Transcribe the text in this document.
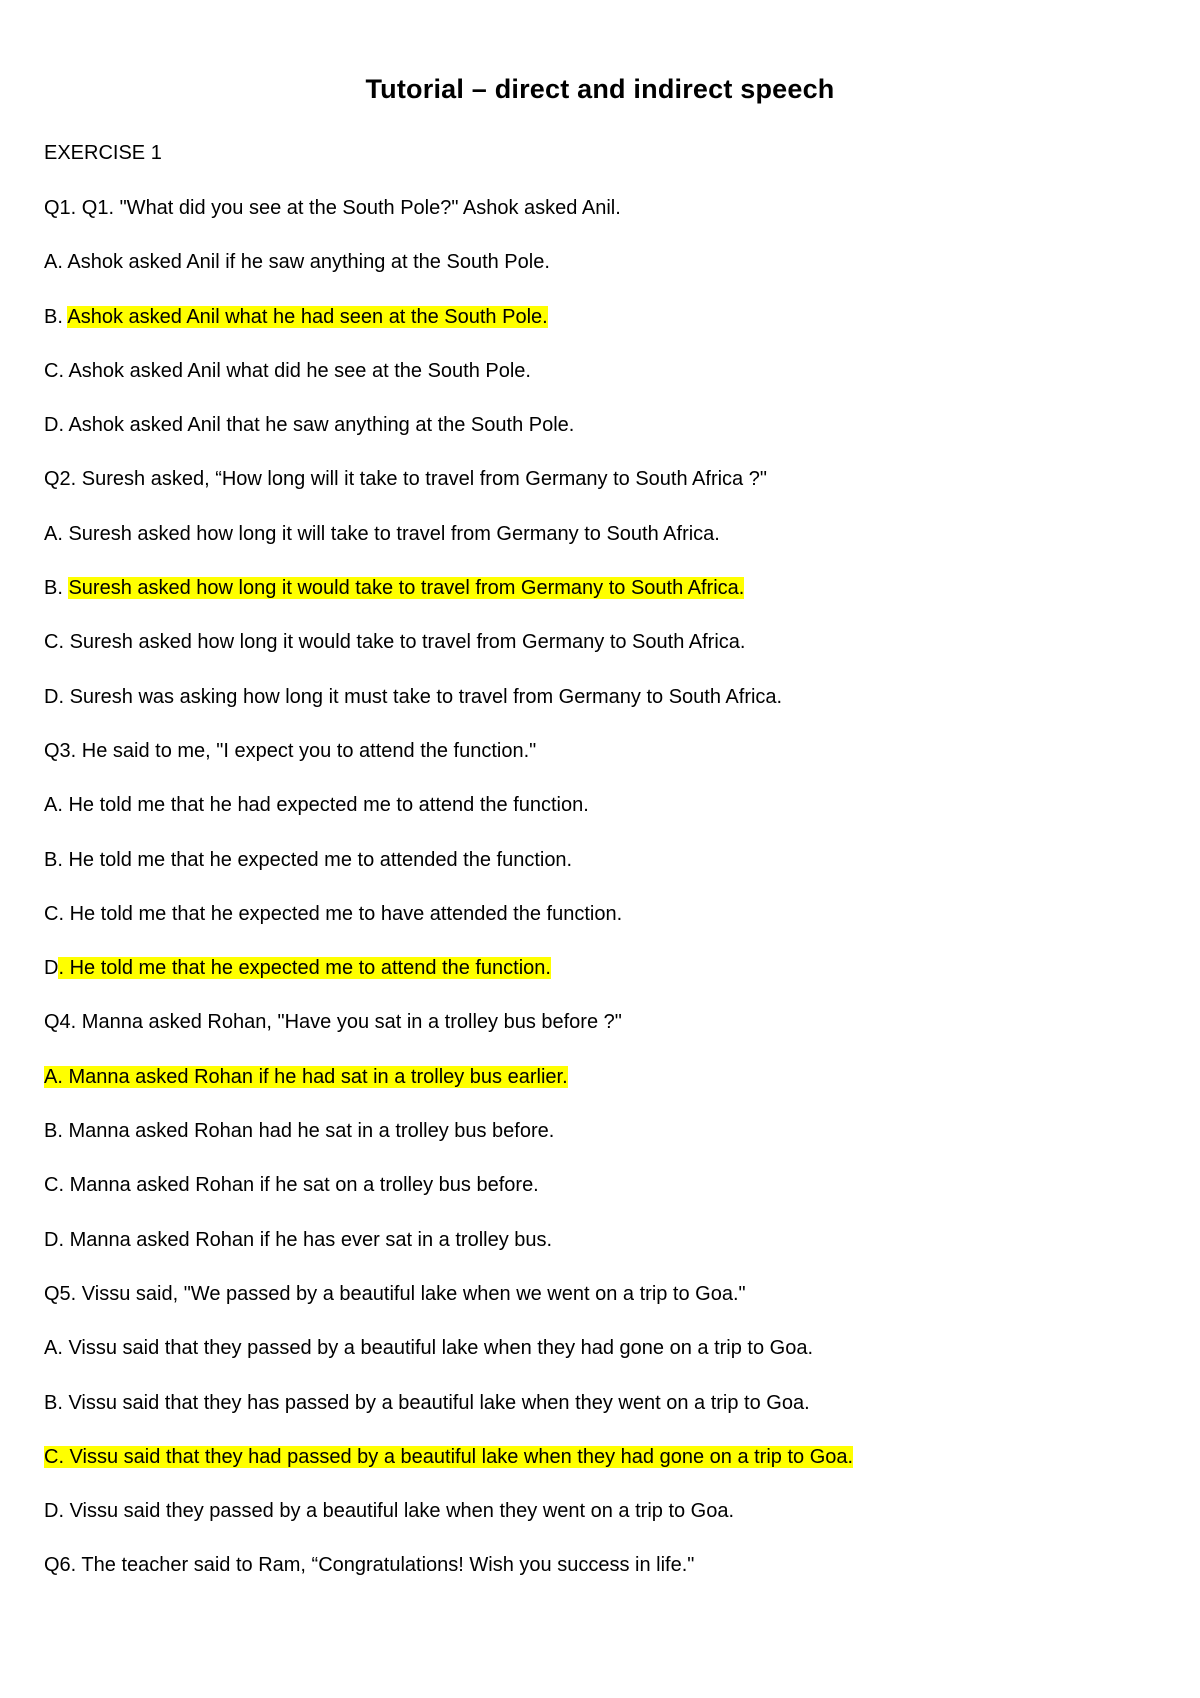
Tutorial – direct and indirect speech
EXERCISE 1
Q1. Q1. "What did you see at the South Pole?" Ashok asked Anil.
A. Ashok asked Anil if he saw anything at the South Pole.
B. Ashok asked Anil what he had seen at the South Pole.
C. Ashok asked Anil what did he see at the South Pole.
D. Ashok asked Anil that he saw anything at the South Pole.
Q2. Suresh asked, “How long will it take to travel from Germany to South Africa ?"
A. Suresh asked how long it will take to travel from Germany to South Africa.
B. Suresh asked how long it would take to travel from Germany to South Africa.
C. Suresh asked how long it would take to travel from Germany to South Africa.
D. Suresh was asking how long it must take to travel from Germany to South Africa.
Q3. He said to me, "I expect you to attend the function."
A. He told me that he had expected me to attend the function.
B. He told me that he expected me to attended the function.
C. He told me that he expected me to have attended the function.
D. He told me that he expected me to attend the function.
Q4. Manna asked Rohan, "Have you sat in a trolley bus before ?"
A. Manna asked Rohan if he had sat in a trolley bus earlier.
B. Manna asked Rohan had he sat in a trolley bus before.
C. Manna asked Rohan if he sat on a trolley bus before.
D. Manna asked Rohan if he has ever sat in a trolley bus.
Q5. Vissu said, "We passed by a beautiful lake when we went on a trip to Goa."
A. Vissu said that they passed by a beautiful lake when they had gone on a trip to Goa.
B. Vissu said that they has passed by a beautiful lake when they went on a trip to Goa.
C. Vissu said that they had passed by a beautiful lake when they had gone on a trip to Goa.
D. Vissu said they passed by a beautiful lake when they went on a trip to Goa.
Q6. The teacher said to Ram, “Congratulations! Wish you success in life."
